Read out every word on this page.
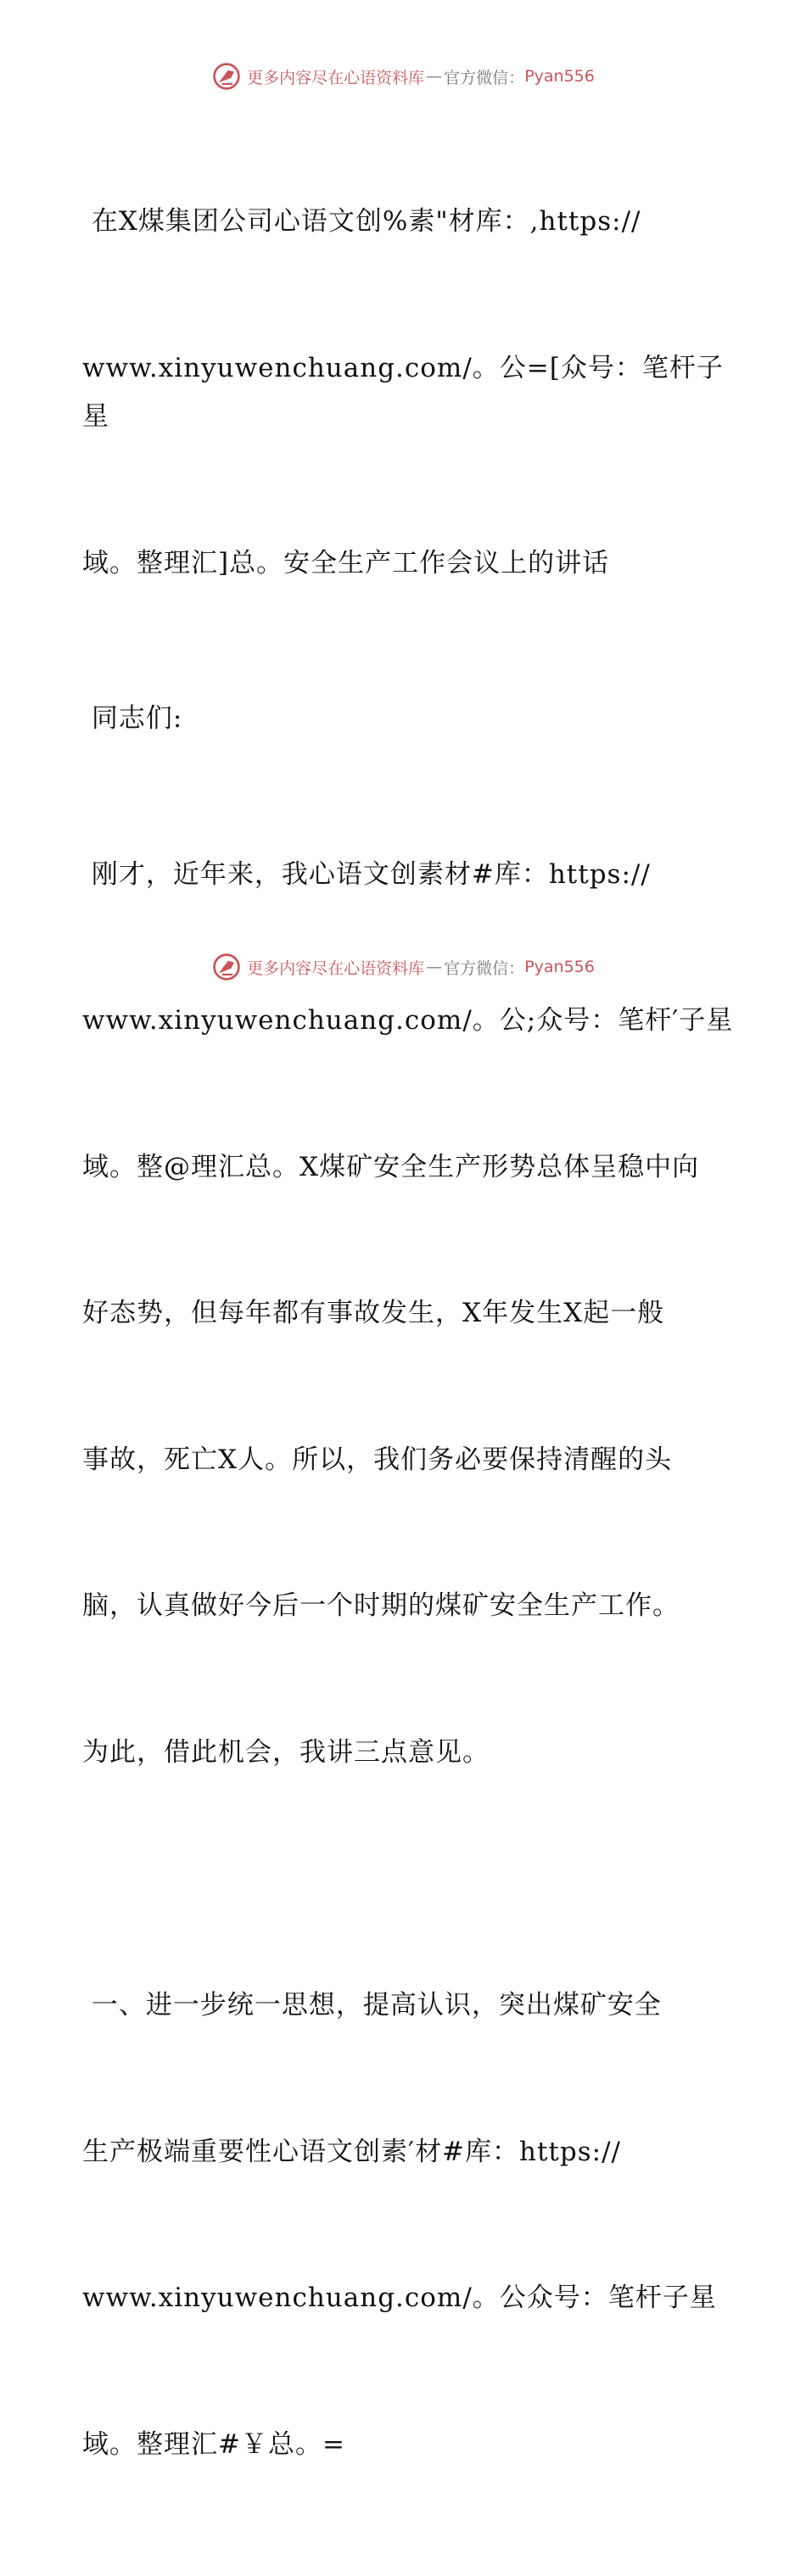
更多内容尽在心语资料库 — 官方微信： Pyan556

在X煤集团公司心语文创%素"材库：,https://

www.xinyuwenchuang.com/。公=[众号：笔杆子星

域。整理汇]总。安全生产工作会议上的讲话

同志们:

刚才，近年来，我心语文创素材#库：https://

www.xinyuwenchuang.com/。公;众号：笔杆′子星

域。整@理汇总。X煤矿安全生产形势总体呈稳中向

好态势，但每年都有事故发生，X年发生X起一般

事故，死亡X人。所以，我们务必要保持清醒的头

脑，认真做好今后一个时期的煤矿安全生产工作。

为此，借此机会，我讲三点意见。

一、进一步统一思想，提高认识，突出煤矿安全

生产极端重要性心语文创素′材#库：https://

www.xinyuwenchuang.com/。公众号：笔杆子星

域。整理汇#￥总。=

更多内容尽在心语资料库 — 官方微信： Pyan556
